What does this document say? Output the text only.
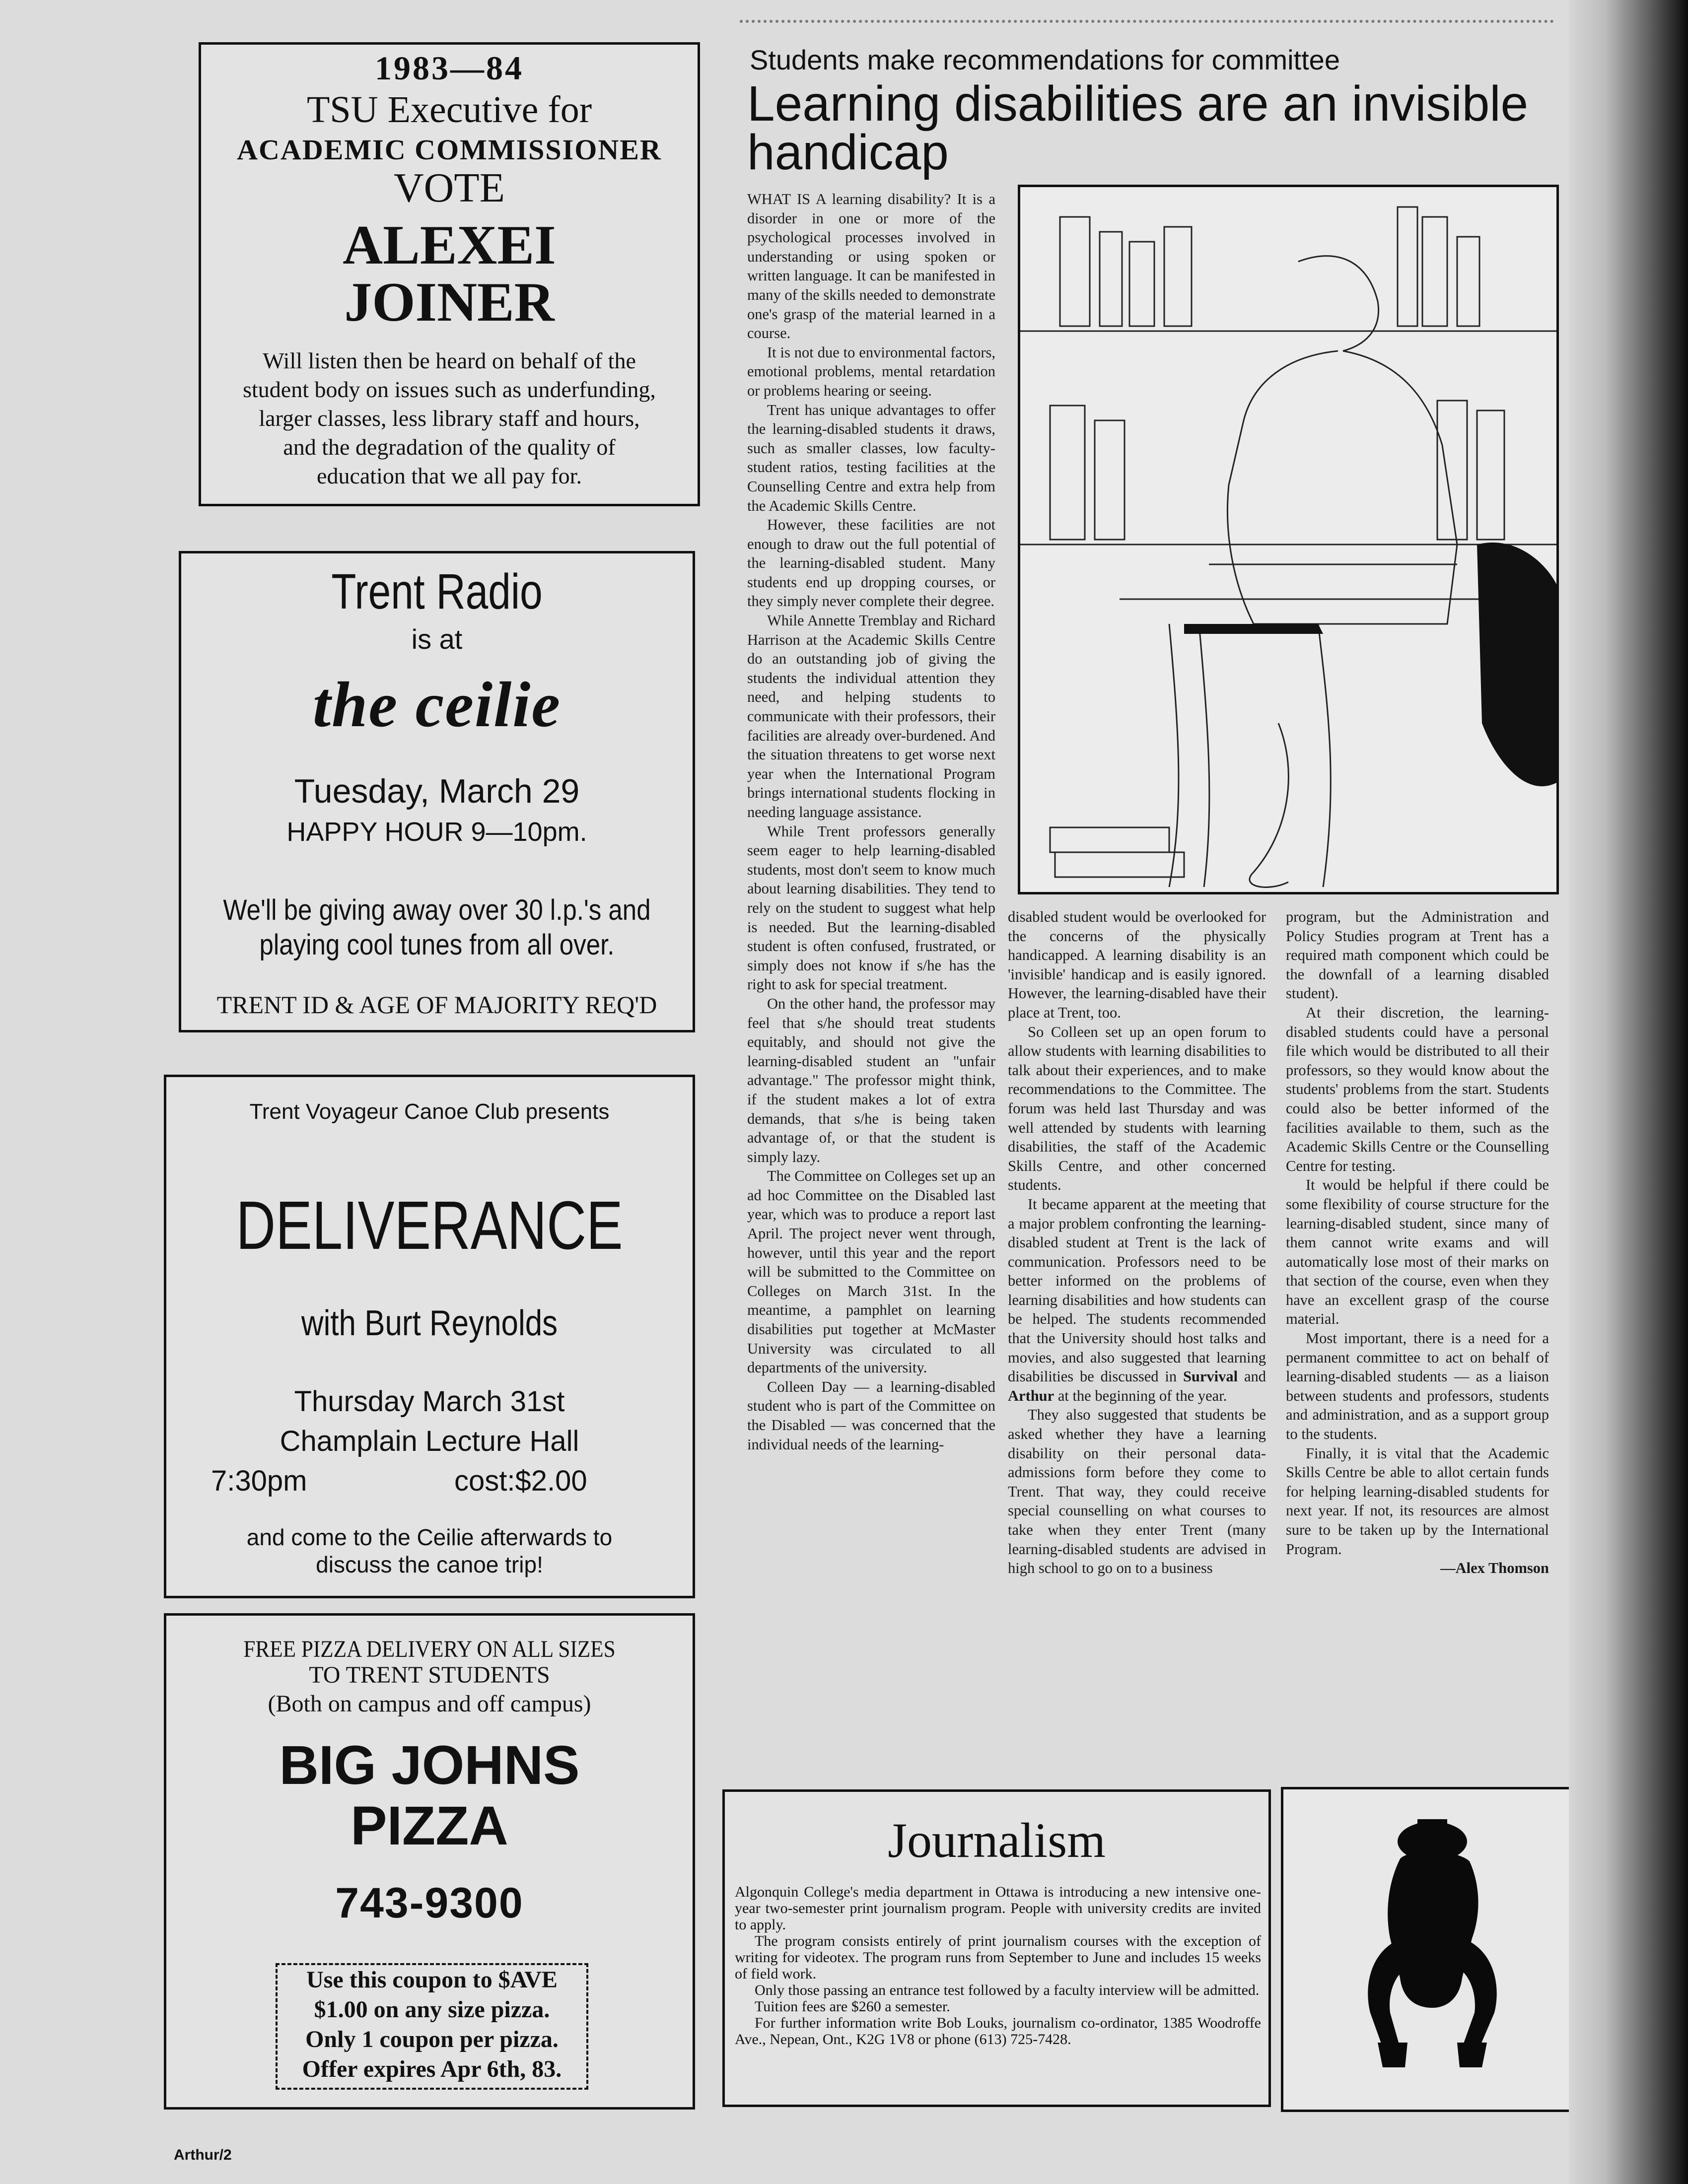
1983—84
TSU Executive for
ACADEMIC COMMISSIONER
VOTE
ALEXEI
JOINER
Will listen then be heard on behalf of the
student body on issues such as underfunding,
larger classes, less library staff and hours,
and the degradation of the quality of
education that we all pay for.
Trent Radio
is at
the ceilie
Tuesday, March 29
HAPPY HOUR 9—10pm.
We'll be giving away over 30 l.p.'s and
playing cool tunes from all over.
TRENT ID & AGE OF MAJORITY REQ'D
Trent Voyageur Canoe Club presents
DELIVERANCE
with Burt Reynolds
Thursday March 31st
Champlain Lecture Hall
7:30pm	cost:$2.00
and come to the Ceilie afterwards to
discuss the canoe trip!
FREE PIZZA DELIVERY ON ALL SIZES
TO TRENT STUDENTS
(Both on campus and off campus)
BIG JOHNS
PIZZA
743-9300
Use this coupon to $AVE
$1.00 on any size pizza.
Only 1 coupon per pizza.
Offer expires Apr 6th, 83.
Students make recommendations for committee
Learning disabilities are an invisible handicap

WHAT IS A learning disability? It is a disorder in one or more of the psychological processes involved in understanding or using spoken or written language. It can be manifested in many of the skills needed to demonstrate one's grasp of the material learned in a course.

It is not due to environmental factors, emotional problems, mental retardation or problems hearing or seeing.

Trent has unique advantages to offer the learning-disabled students it draws, such as smaller classes, low faculty-student ratios, testing facilities at the Counselling Centre and extra help from the Academic Skills Centre.

However, these facilities are not enough to draw out the full potential of the learning-disabled student. Many students end up dropping courses, or they simply never complete their degree.

While Annette Tremblay and Richard Harrison at the Academic Skills Centre do an outstanding job of giving the students the individual attention they need, and helping students to communicate with their professors, their facilities are already over-burdened. And the situation threatens to get worse next year when the International Program brings international students flocking in needing language assistance.

While Trent professors generally seem eager to help learning-disabled students, most don't seem to know much about learning disabilities. They tend to rely on the student to suggest what help is needed. But the learning-disabled student is often confused, frustrated, or simply does not know if s/he has the right to ask for special treatment.

On the other hand, the professor may feel that s/he should treat students equitably, and should not give the learning-disabled student an "unfair advantage." The professor might think, if the student makes a lot of extra demands, that s/he is being taken advantage of, or that the student is simply lazy.

The Committee on Colleges set up an ad hoc Committee on the Disabled last year, which was to produce a report last April. The project never went through, however, until this year and the report will be submitted to the Committee on Colleges on March 31st. In the meantime, a pamphlet on learning disabilities put together at McMaster University was circulated to all departments of the university.

Colleen Day — a learning-disabled student who is part of the Committee on the Disabled — was concerned that the individual needs of the learning-

disabled student would be overlooked for the concerns of the physically handicapped. A learning disability is an 'invisible' handicap and is easily ignored. However, the learning-disabled have their place at Trent, too.

So Colleen set up an open forum to allow students with learning disabilities to talk about their experiences, and to make recommendations to the Committee. The forum was held last Thursday and was well attended by students with learning disabilities, the staff of the Academic Skills Centre, and other concerned students.

It became apparent at the meeting that a major problem confronting the learning-disabled student at Trent is the lack of communication. Professors need to be better informed on the problems of learning disabilities and how students can be helped. The students recommended that the University should host talks and movies, and also suggested that learning disabilities be discussed in Survival and Arthur at the beginning of the year.

They also suggested that students be asked whether they have a learning disability on their personal data-admissions form before they come to Trent. That way, they could receive special counselling on what courses to take when they enter Trent (many learning-disabled students are advised in high school to go on to a business

program, but the Administration and Policy Studies program at Trent has a required math component which could be the downfall of a learning disabled student).

At their discretion, the learning-disabled students could have a personal file which would be distributed to all their professors, so they would know about the students' problems from the start. Students could also be better informed of the facilities available to them, such as the Academic Skills Centre or the Counselling Centre for testing.

It would be helpful if there could be some flexibility of course structure for the learning-disabled student, since many of them cannot write exams and will automatically lose most of their marks on that section of the course, even when they have an excellent grasp of the course material.

Most important, there is a need for a permanent committee to act on behalf of learning-disabled students — as a liaison between students and professors, students and administration, and as a support group to the students.

Finally, it is vital that the Academic Skills Centre be able to allot certain funds for helping learning-disabled students for next year. If not, its resources are almost sure to be taken up by the International Program.

—Alex Thomson

Journalism

Algonquin College's media department in Ottawa is introducing a new intensive one-year two-semester print journalism program. People with university credits are invited to apply.

The program consists entirely of print journalism courses with the exception of writing for videotex. The program runs from September to June and includes 15 weeks of field work.

Only those passing an entrance test followed by a faculty interview will be admitted.

Tuition fees are $260 a semester.

For further information write Bob Louks, journalism co-ordinator, 1385 Woodroffe Ave., Nepean, Ont., K2G 1V8 or phone (613) 725-7428.

Arthur/2
